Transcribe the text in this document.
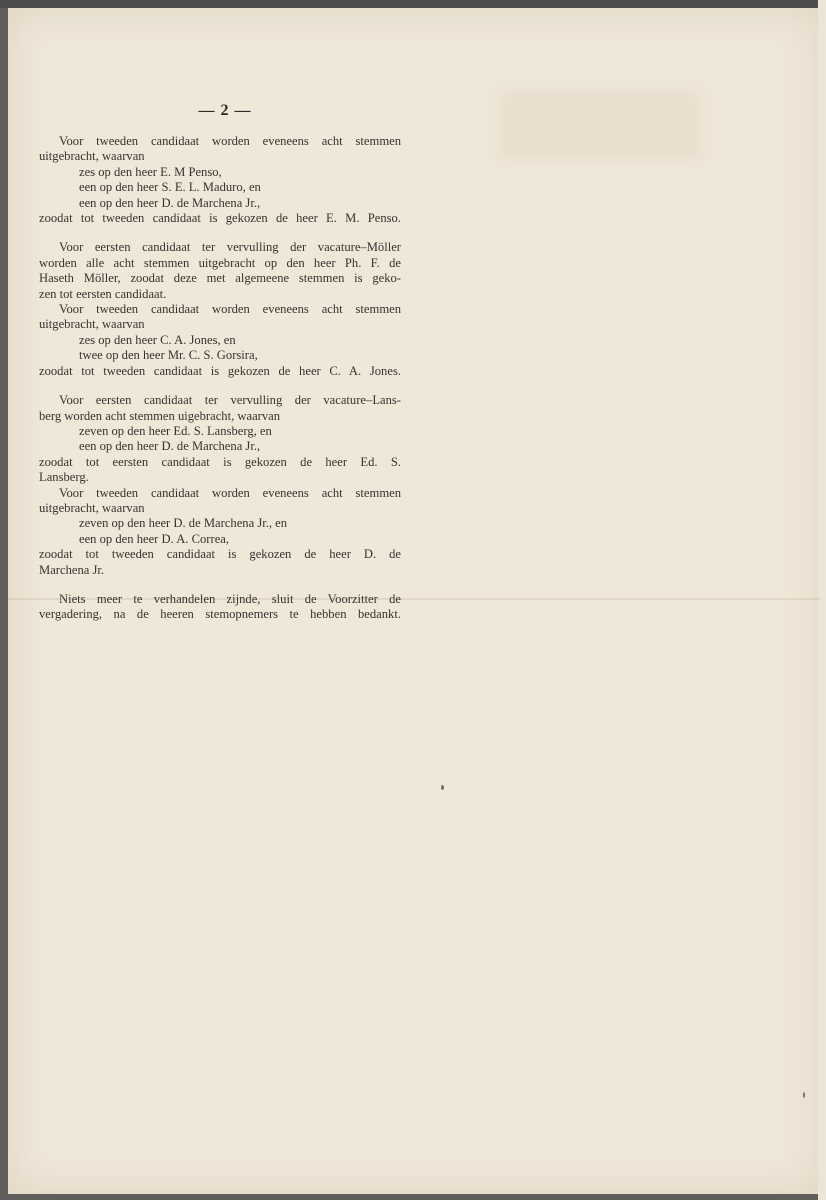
— 2 —
Voor tweeden candidaat worden eveneens acht stemmen
uitgebracht, waarvan
zes op den heer E. M Penso,
een op den heer S. E. L. Maduro, en
een op den heer D. de Marchena Jr.,
zoodat tot tweeden candidaat is gekozen de heer E. M. Penso.
Voor eersten candidaat ter vervulling der vacature–Möller
worden alle acht stemmen uitgebracht op den heer Ph. F. de
Haseth Möller, zoodat deze met algemeene stemmen is geko-
zen tot eersten candidaat.
Voor tweeden candidaat worden eveneens acht stemmen
uitgebracht, waarvan
zes op den heer C. A. Jones, en
twee op den heer Mr. C. S. Gorsira,
zoodat tot tweeden candidaat is gekozen de heer C. A. Jones.
Voor eersten candidaat ter vervulling der vacature–Lans-
berg worden acht stemmen uigebracht, waarvan
zeven op den heer Ed. S. Lansberg, en
een op den heer D. de Marchena Jr.,
zoodat tot eersten candidaat is gekozen de heer Ed. S.
Lansberg.
Voor tweeden candidaat worden eveneens acht stemmen
uitgebracht, waarvan
zeven op den heer D. de Marchena Jr., en
een op den heer D. A. Correa,
zoodat tot tweeden candidaat is gekozen de heer D. de
Marchena Jr.
Niets meer te verhandelen zijnde, sluit de Voorzitter de
vergadering, na de heeren stemopnemers te hebben bedankt.
